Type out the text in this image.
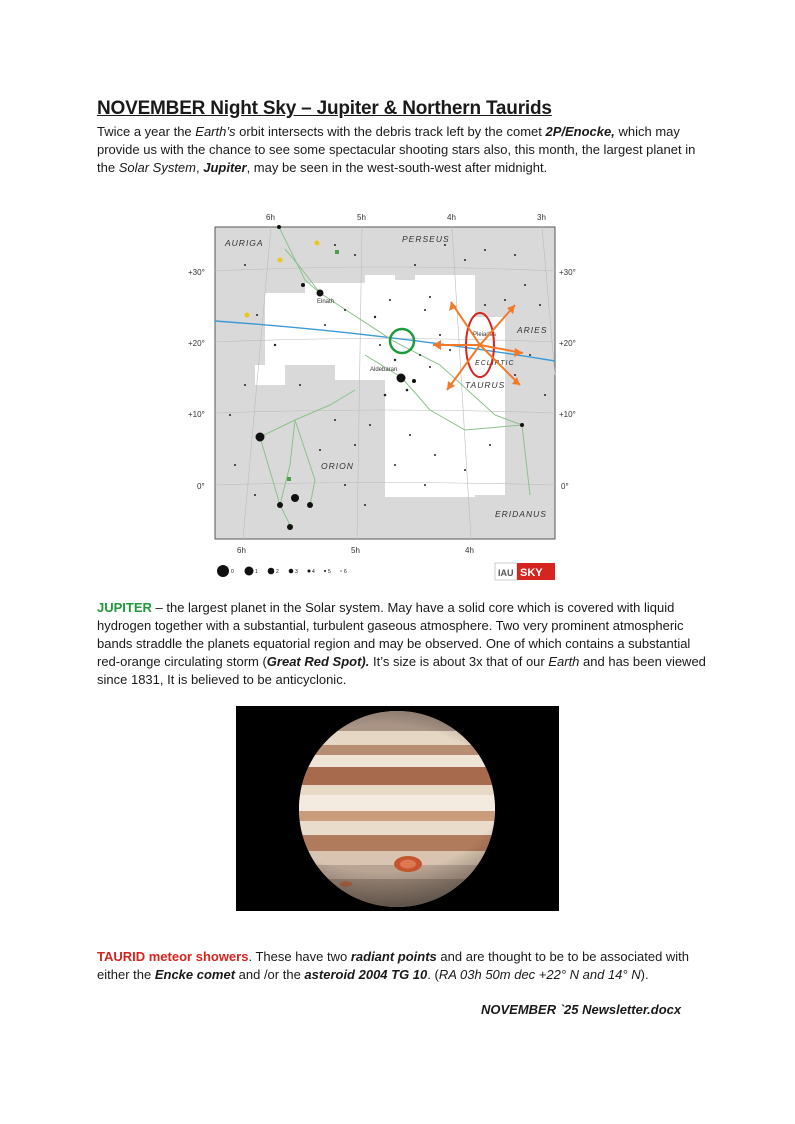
NOVEMBER Night Sky – Jupiter & Northern Taurids
Twice a year the Earth’s orbit intersects with the debris track left by the comet 2P/Enocke, which may provide us with the chance to see some spectacular shooting stars also, this month, the largest planet in the Solar System, Jupiter, may be seen in the west-south-west after midnight.
6h	5h	4h	3h
6h	5h	4h
+30°
+20°
+10°
0°
+30°
+20°
+10°
0°
AURIGA	PERSEUS
ARIES
ECLIPTIC
TAURUS
ORION
ERIDANUS
Elnath
Pleiades
Aldebaran
0	1	2	3	4	5	6	IAU SKY
JUPITER – the largest planet in the Solar system. May have a solid core which is covered with liquid hydrogen together with a substantial, turbulent gaseous atmosphere. Two very prominent atmospheric bands straddle the planets equatorial region and may be observed. One of which contains a substantial red-orange circulating storm (Great Red Spot). It’s size is about 3x that of our Earth and has been viewed since 1831, It is believed to be anticyclonic.
TAURID meteor showers. These have two radiant points and are thought to be to be associated with either the Encke comet and /or the asteroid 2004 TG 10. (RA 03h 50m dec +22° N and 14° N).
NOVEMBER `25 Newsletter.docx
